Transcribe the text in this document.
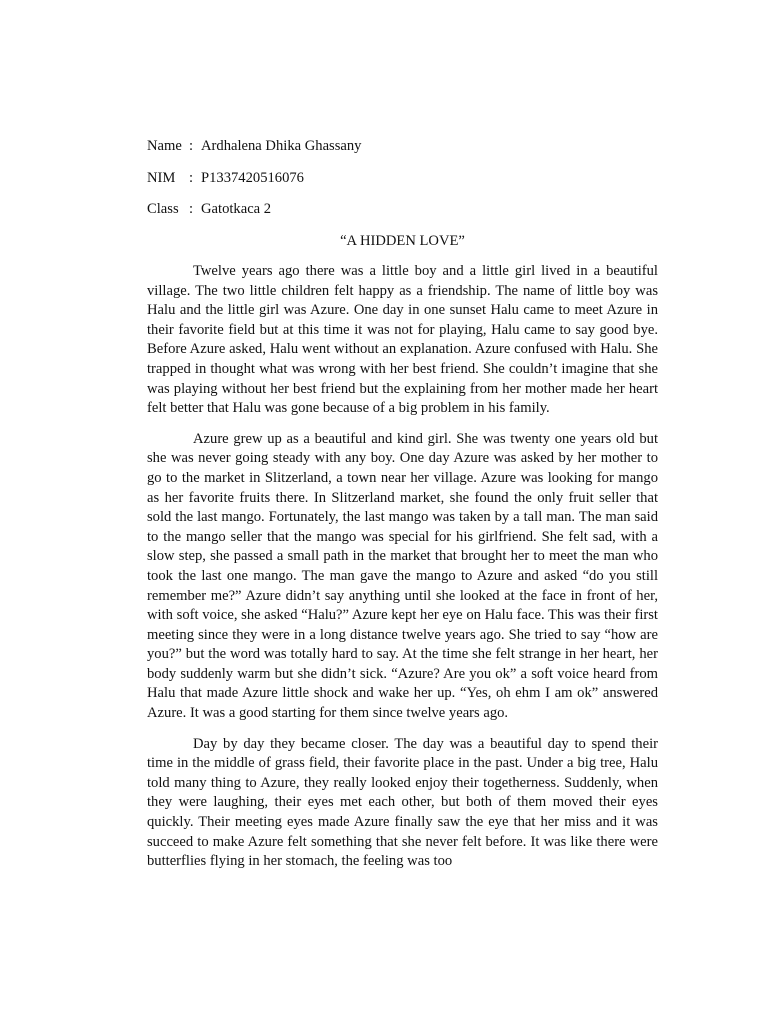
Name : Ardhalena Dhika Ghassany
NIM : P1337420516076
Class : Gatotkaca 2
“A HIDDEN LOVE”

Twelve years ago there was a little boy and a little girl lived in a beautiful village. The two little children felt happy as a friendship. The name of little boy was Halu and the little girl was Azure. One day in one sunset Halu came to meet Azure in their favorite field but at this time it was not for playing, Halu came to say good bye. Before Azure asked, Halu went without an explanation. Azure confused with Halu. She trapped in thought what was wrong with her best friend. She couldn’t imagine that she was playing without her best friend but the explaining from her mother made her heart felt better that Halu was gone because of a big problem in his family.

Azure grew up as a beautiful and kind girl. She was twenty one years old but she was never going steady with any boy. One day Azure was asked by her mother to go to the market in Slitzerland, a town near her village. Azure was looking for mango as her favorite fruits there. In Slitzerland market, she found the only fruit seller that sold the last mango. Fortunately, the last mango was taken by a tall man. The man said to the mango seller that the mango was special for his girlfriend. She felt sad, with a slow step, she passed a small path in the market that brought her to meet the man who took the last one mango. The man gave the mango to Azure and asked “do you still remember me?” Azure didn’t say anything until she looked at the face in front of her, with soft voice, she asked “Halu?” Azure kept her eye on Halu face. This was their first meeting since they were in a long distance twelve years ago. She tried to say “how are you?” but the word was totally hard to say. At the time she felt strange in her heart, her body suddenly warm but she didn’t sick. “Azure? Are you ok” a soft voice heard from Halu that made Azure little shock and wake her up. “Yes, oh ehm I am ok” answered Azure. It was a good starting for them since twelve years ago.

Day by day they became closer. The day was a beautiful day to spend their time in the middle of grass field, their favorite place in the past. Under a big tree, Halu told many thing to Azure, they really looked enjoy their togetherness. Suddenly, when they were laughing, their eyes met each other, but both of them moved their eyes quickly. Their meeting eyes made Azure finally saw the eye that her miss and it was succeed to make Azure felt something that she never felt before. It was like there were butterflies flying in her stomach, the feeling was too
